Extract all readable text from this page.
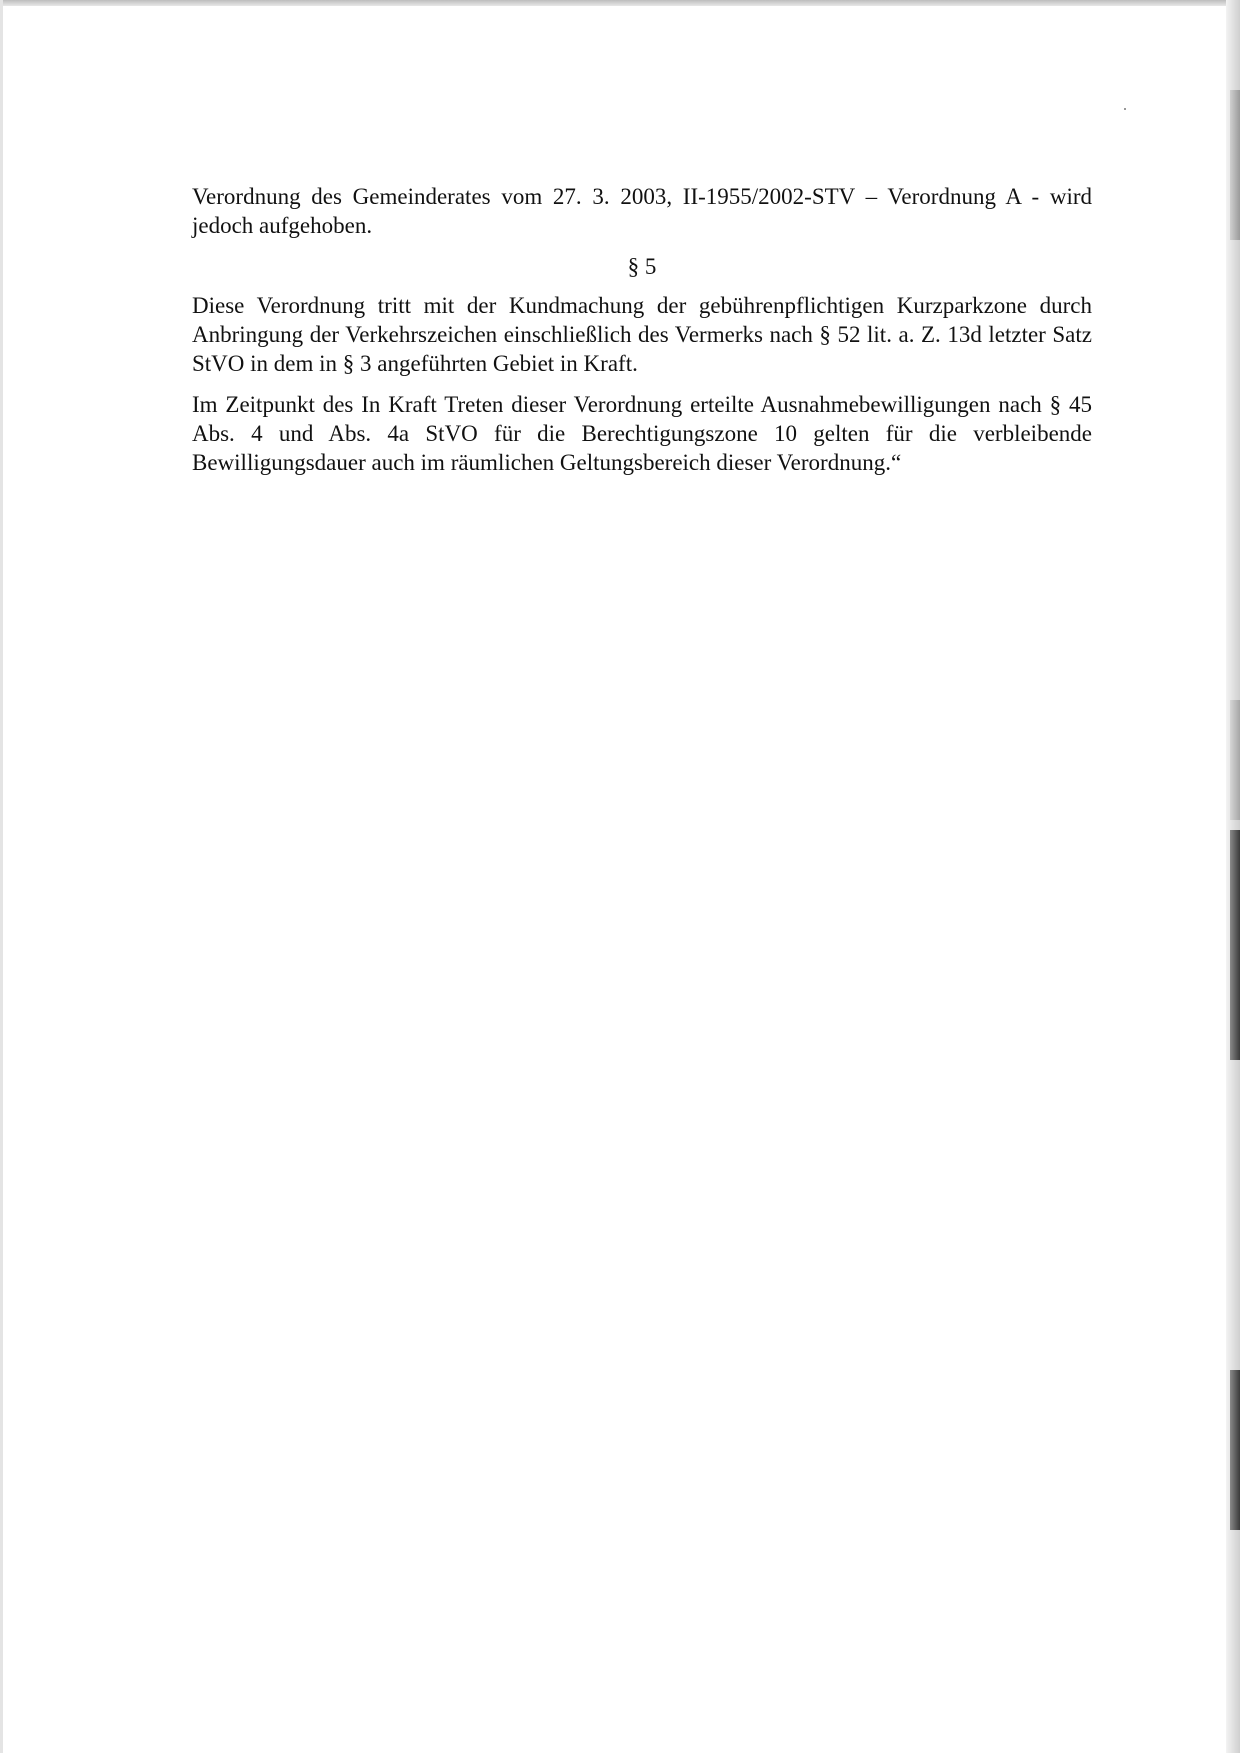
Verordnung des Gemeinderates vom 27. 3. 2003, II-1955/2002-STV – Verordnung A - wird jedoch aufgehoben.

§ 5

Diese Verordnung tritt mit der Kundmachung der gebührenpflichtigen Kurzparkzone durch Anbringung der Verkehrszeichen einschließlich des Vermerks nach § 52 lit. a. Z. 13d letzter Satz StVO in dem in § 3 angeführten Gebiet in Kraft.

Im Zeitpunkt des In Kraft Treten dieser Verordnung erteilte Ausnahmebewilligungen nach § 45 Abs. 4 und Abs. 4a StVO für die Berechtigungszone 10 gelten für die verbleibende Bewilligungsdauer auch im räumlichen Geltungsbereich dieser Verordnung.“
